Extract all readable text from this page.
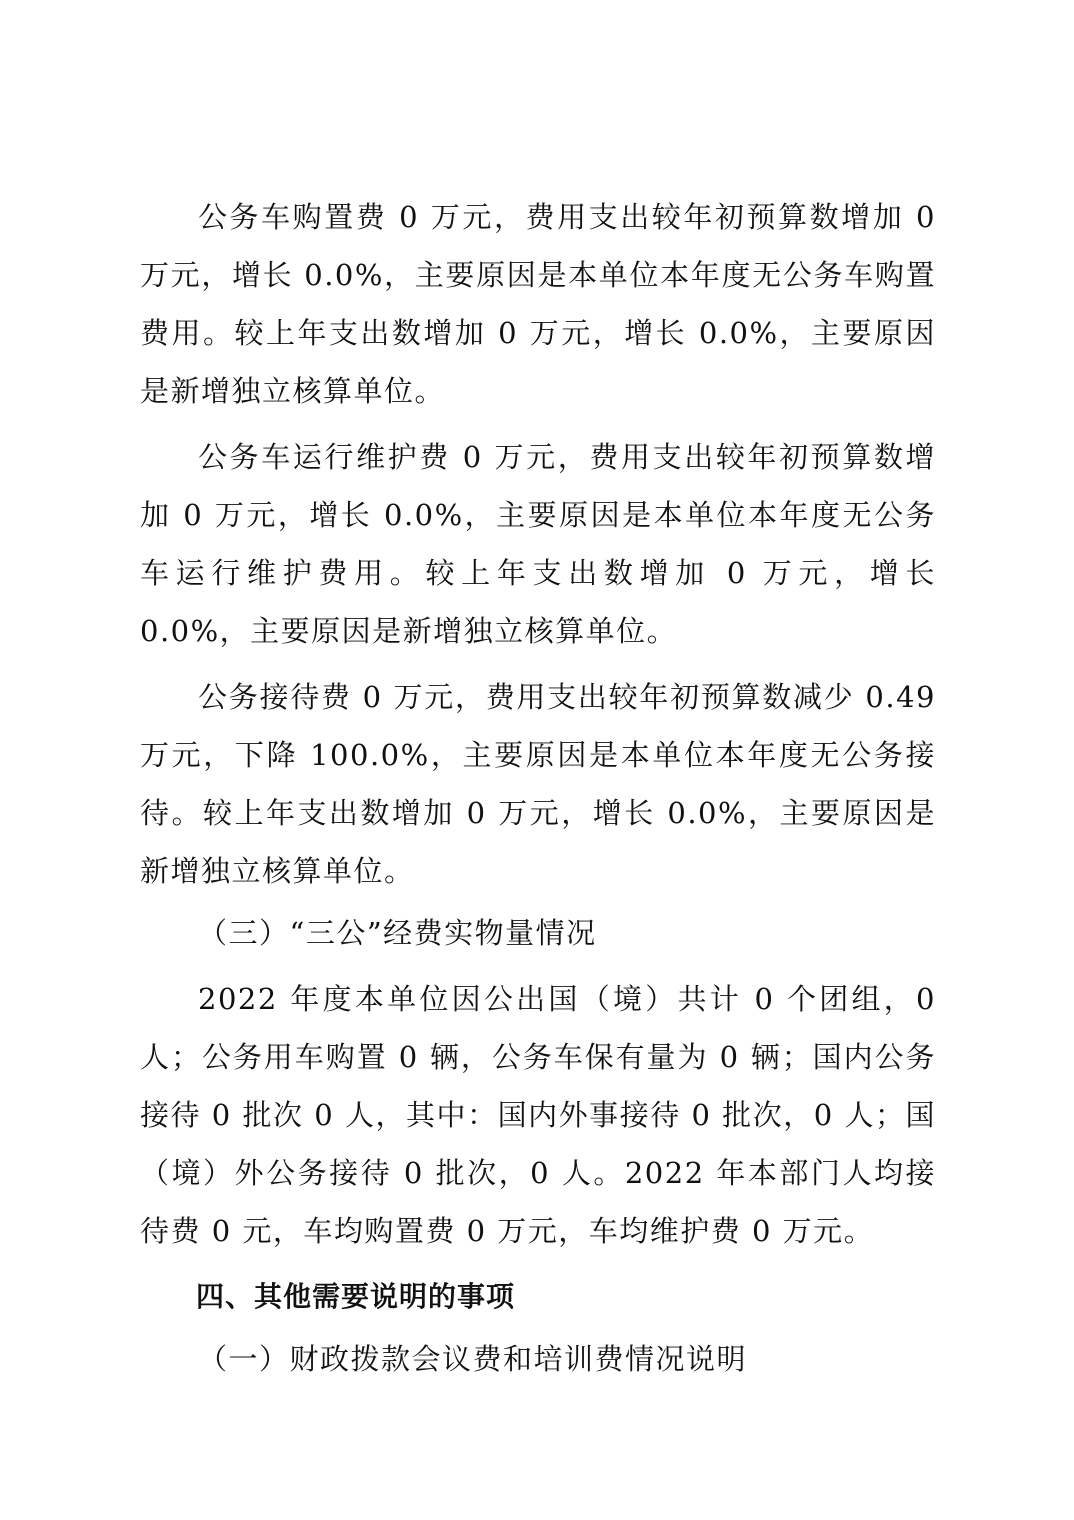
公务车购置费 0 万元，费用支出较年初预算数增加 0 万元，增长 0.0%，主要原因是本单位本年度无公务车购置费用。较上年支出数增加 0 万元，增长 0.0%，主要原因是新增独立核算单位。

公务车运行维护费 0 万元，费用支出较年初预算数增加 0 万元，增长 0.0%，主要原因是本单位本年度无公务车运行维护费用。较上年支出数增加 0 万元，增长 0.0%，主要原因是新增独立核算单位。

公务接待费 0 万元，费用支出较年初预算数减少 0.49 万元，下降 100.0%，主要原因是本单位本年度无公务接待。较上年支出数增加 0 万元，增长 0.0%，主要原因是新增独立核算单位。

（三）“三公”经费实物量情况

2022 年度本单位因公出国（境）共计 0 个团组，0 人；公务用车购置 0 辆，公务车保有量为 0 辆；国内公务接待 0 批次 0 人，其中：国内外事接待 0 批次，0 人；国（境）外公务接待 0 批次，0 人。2022 年本部门人均接待费 0 元，车均购置费 0 万元，车均维护费 0 万元。

四、其他需要说明的事项

（一）财政拨款会议费和培训费情况说明
